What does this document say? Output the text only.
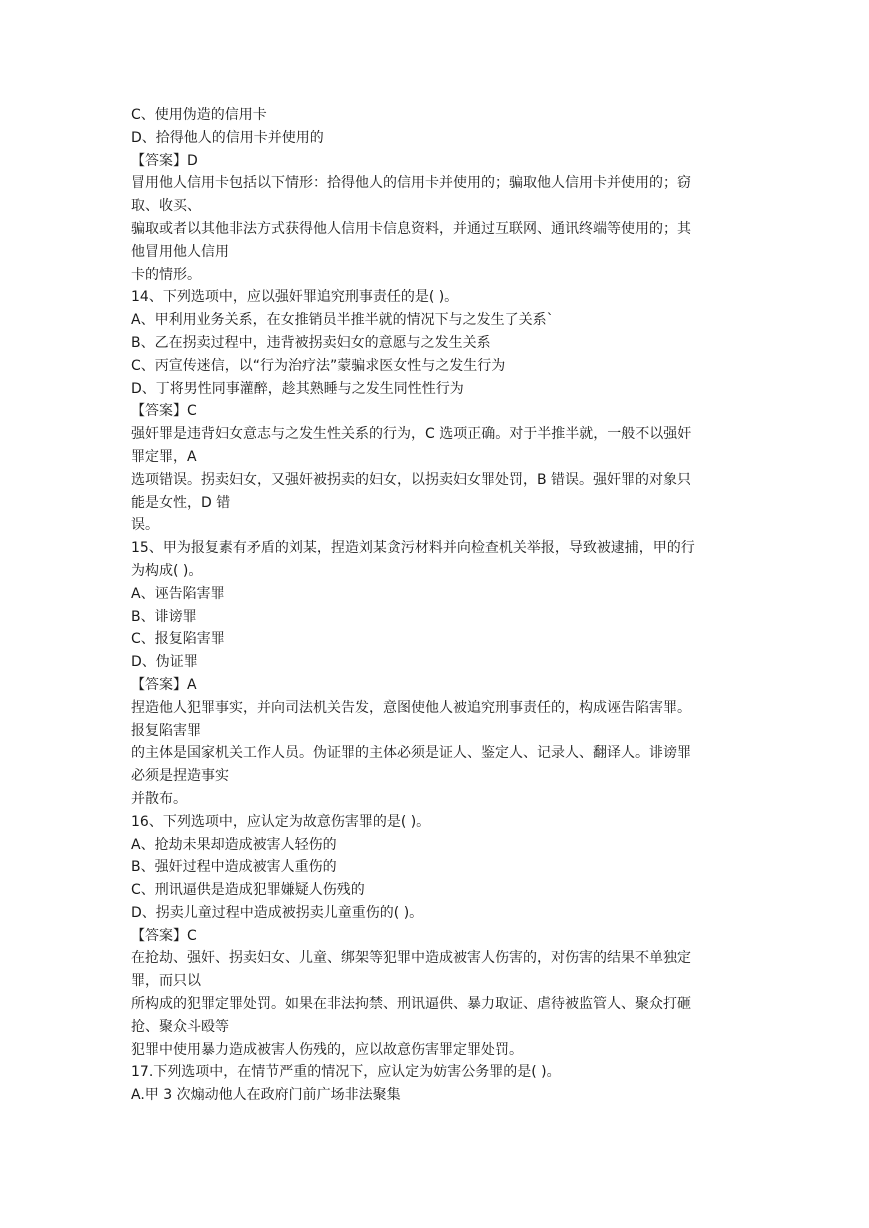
C、使用伪造的信用卡
D、拾得他人的信用卡并使用的
【答案】D
冒用他人信用卡包括以下情形：拾得他人的信用卡并使用的；骗取他人信用卡并使用的；窃
取、收买、
骗取或者以其他非法方式获得他人信用卡信息资料，并通过互联网、通讯终端等使用的；其
他冒用他人信用
卡的情形。
14、下列选项中，应以强奸罪追究刑事责任的是( )。
A、甲利用业务关系，在女推销员半推半就的情况下与之发生了关系`
B、乙在拐卖过程中，违背被拐卖妇女的意愿与之发生关系
C、丙宣传迷信，以“行为治疗法”蒙骗求医女性与之发生行为
D、丁将男性同事灌醉，趁其熟睡与之发生同性性行为
【答案】C
强奸罪是违背妇女意志与之发生性关系的行为，C 选项正确。对于半推半就，一般不以强奸
罪定罪，A
选项错误。拐卖妇女，又强奸被拐卖的妇女，以拐卖妇女罪处罚，B 错误。强奸罪的对象只
能是女性，D 错
误。
15、甲为报复素有矛盾的刘某，捏造刘某贪污材料并向检查机关举报，导致被逮捕，甲的行
为构成( )。
A、诬告陷害罪
B、诽谤罪
C、报复陷害罪
D、伪证罪
【答案】A
捏造他人犯罪事实，并向司法机关告发，意图使他人被追究刑事责任的，构成诬告陷害罪。
报复陷害罪
的主体是国家机关工作人员。伪证罪的主体必须是证人、鉴定人、记录人、翻译人。诽谤罪
必须是捏造事实
并散布。
16、下列选项中，应认定为故意伤害罪的是( )。
A、抢劫未果却造成被害人轻伤的
B、强奸过程中造成被害人重伤的
C、刑讯逼供是造成犯罪嫌疑人伤残的
D、拐卖儿童过程中造成被拐卖儿童重伤的( )。
【答案】C
在抢劫、强奸、拐卖妇女、儿童、绑架等犯罪中造成被害人伤害的，对伤害的结果不单独定
罪，而只以
所构成的犯罪定罪处罚。如果在非法拘禁、刑讯逼供、暴力取证、虐待被监管人、聚众打砸
抢、聚众斗殴等
犯罪中使用暴力造成被害人伤残的，应以故意伤害罪定罪处罚。
17.下列选项中，在情节严重的情况下，应认定为妨害公务罪的是( )。
A.甲 3 次煽动他人在政府门前广场非法聚集
